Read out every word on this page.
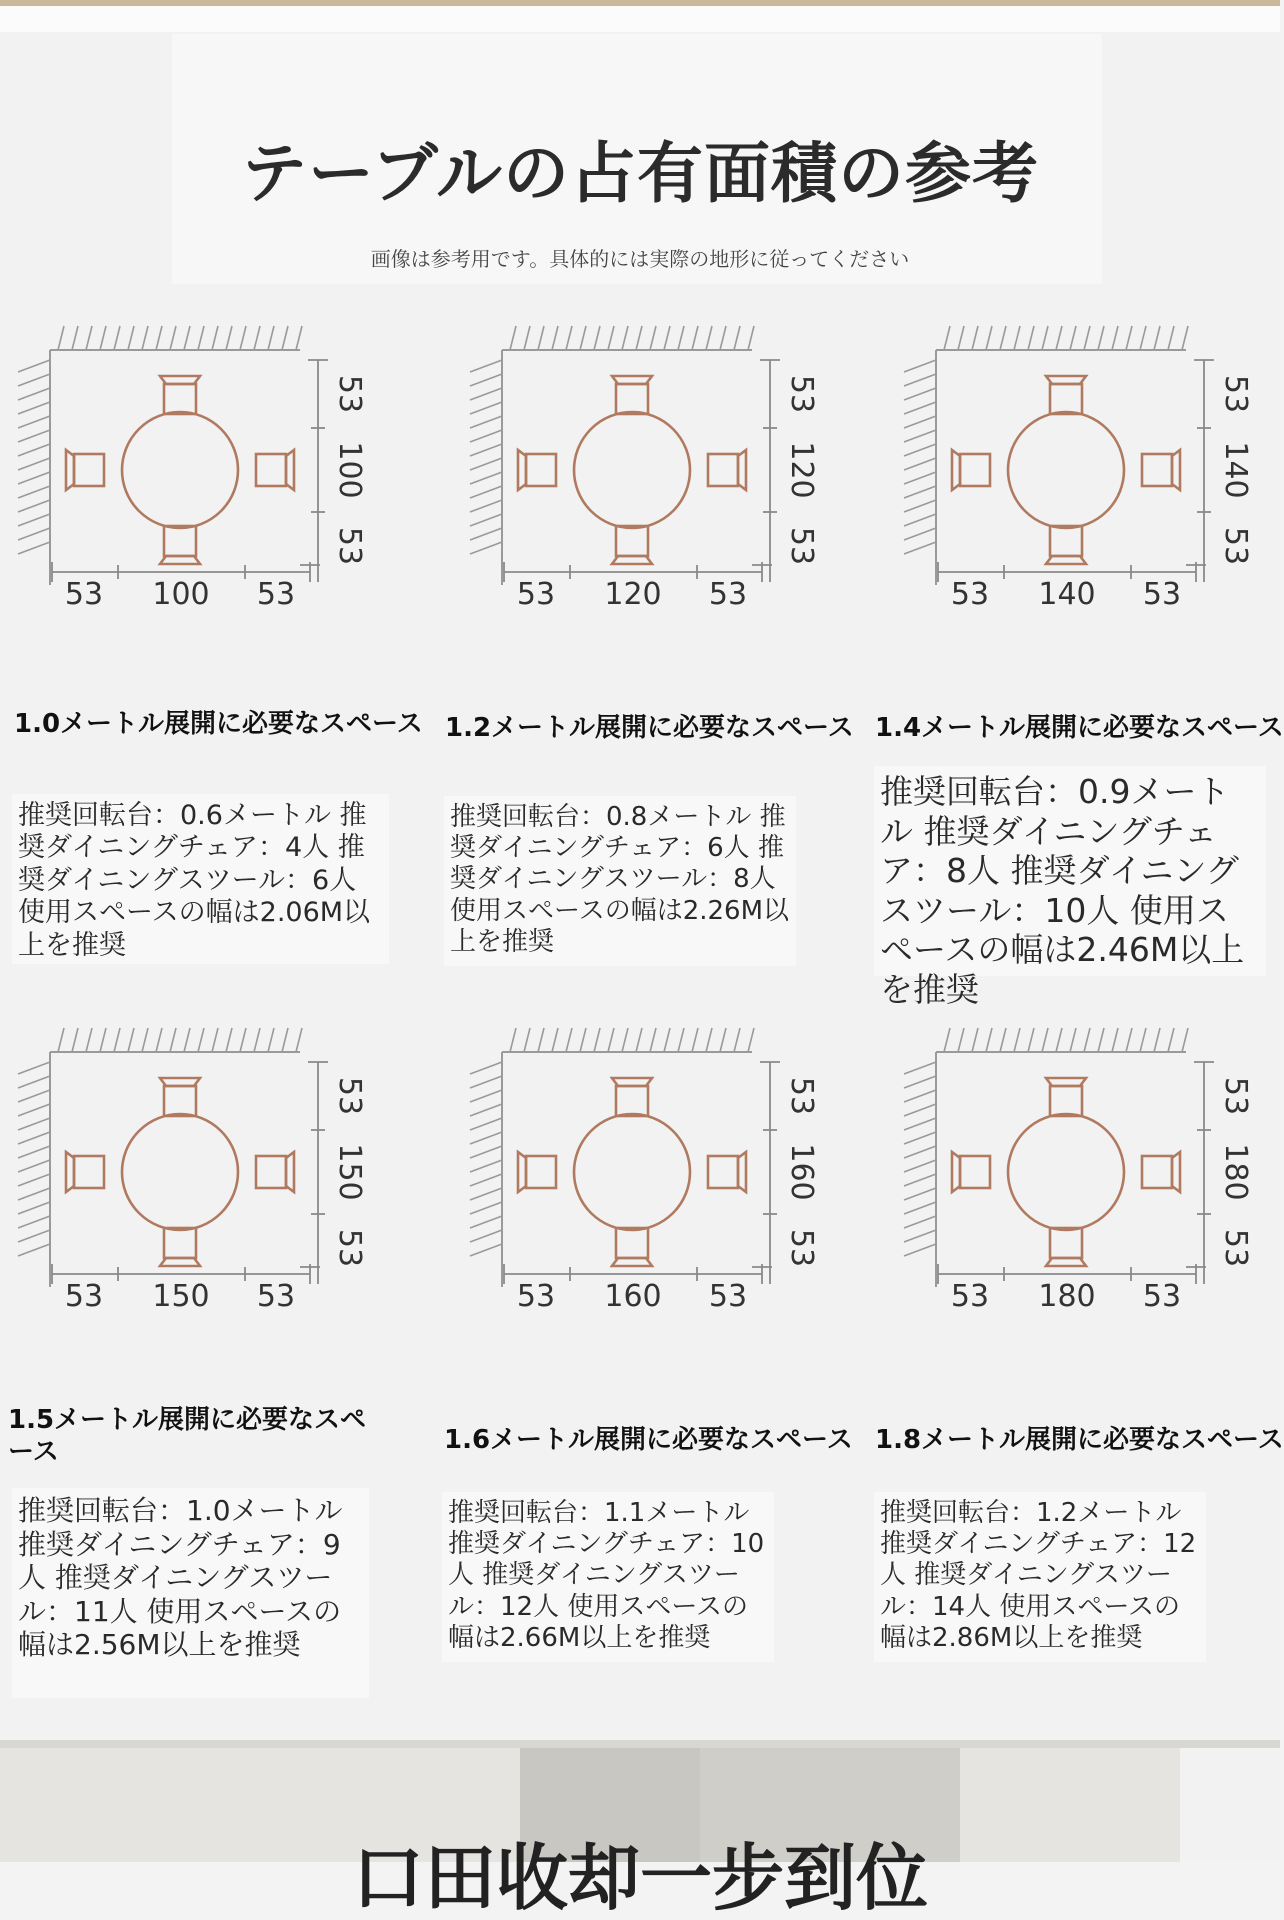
テーブルの占有面積の参考
画像は参考用です。具体的には実際の地形に従ってください
53 100 53
53
100
53
1.0メートル展開に必要なスペース
推奨回転台：0.6メートル 推奨ダイニングチェア：4人 推奨ダイニングスツール：6人 使用スペースの幅は2.06M以上を推奨
53 120 53
53
120
53
1.2メートル展開に必要なスペース
推奨回転台：0.8メートル 推奨ダイニングチェア：6人 推奨ダイニングスツール：8人 使用スペースの幅は2.26M以上を推奨
53 140 53
53
140
53
1.4メートル展開に必要なスペース
推奨回転台：0.9メートル 推奨ダイニングチェア：8人 推奨ダイニングスツール：10人 使用スペースの幅は2.46M以上を推奨
53 150 53
53
150
53
1.5メートル展開に必要なスペース
推奨回転台：1.0メートル 推奨ダイニングチェア：9人 推奨ダイニングスツール：11人 使用スペースの幅は2.56M以上を推奨
53 160 53
53
160
53
1.6メートル展開に必要なスペース
推奨回転台：1.1メートル 推奨ダイニングチェア：10人 推奨ダイニングスツール：12人 使用スペースの幅は2.66M以上を推奨
53 180 53
53
180
53
1.8メートル展開に必要なスペース
推奨回転台：1.2メートル 推奨ダイニングチェア：12人 推奨ダイニングスツール：14人 使用スペースの幅は2.86M以上を推奨
口田收却一步到位
